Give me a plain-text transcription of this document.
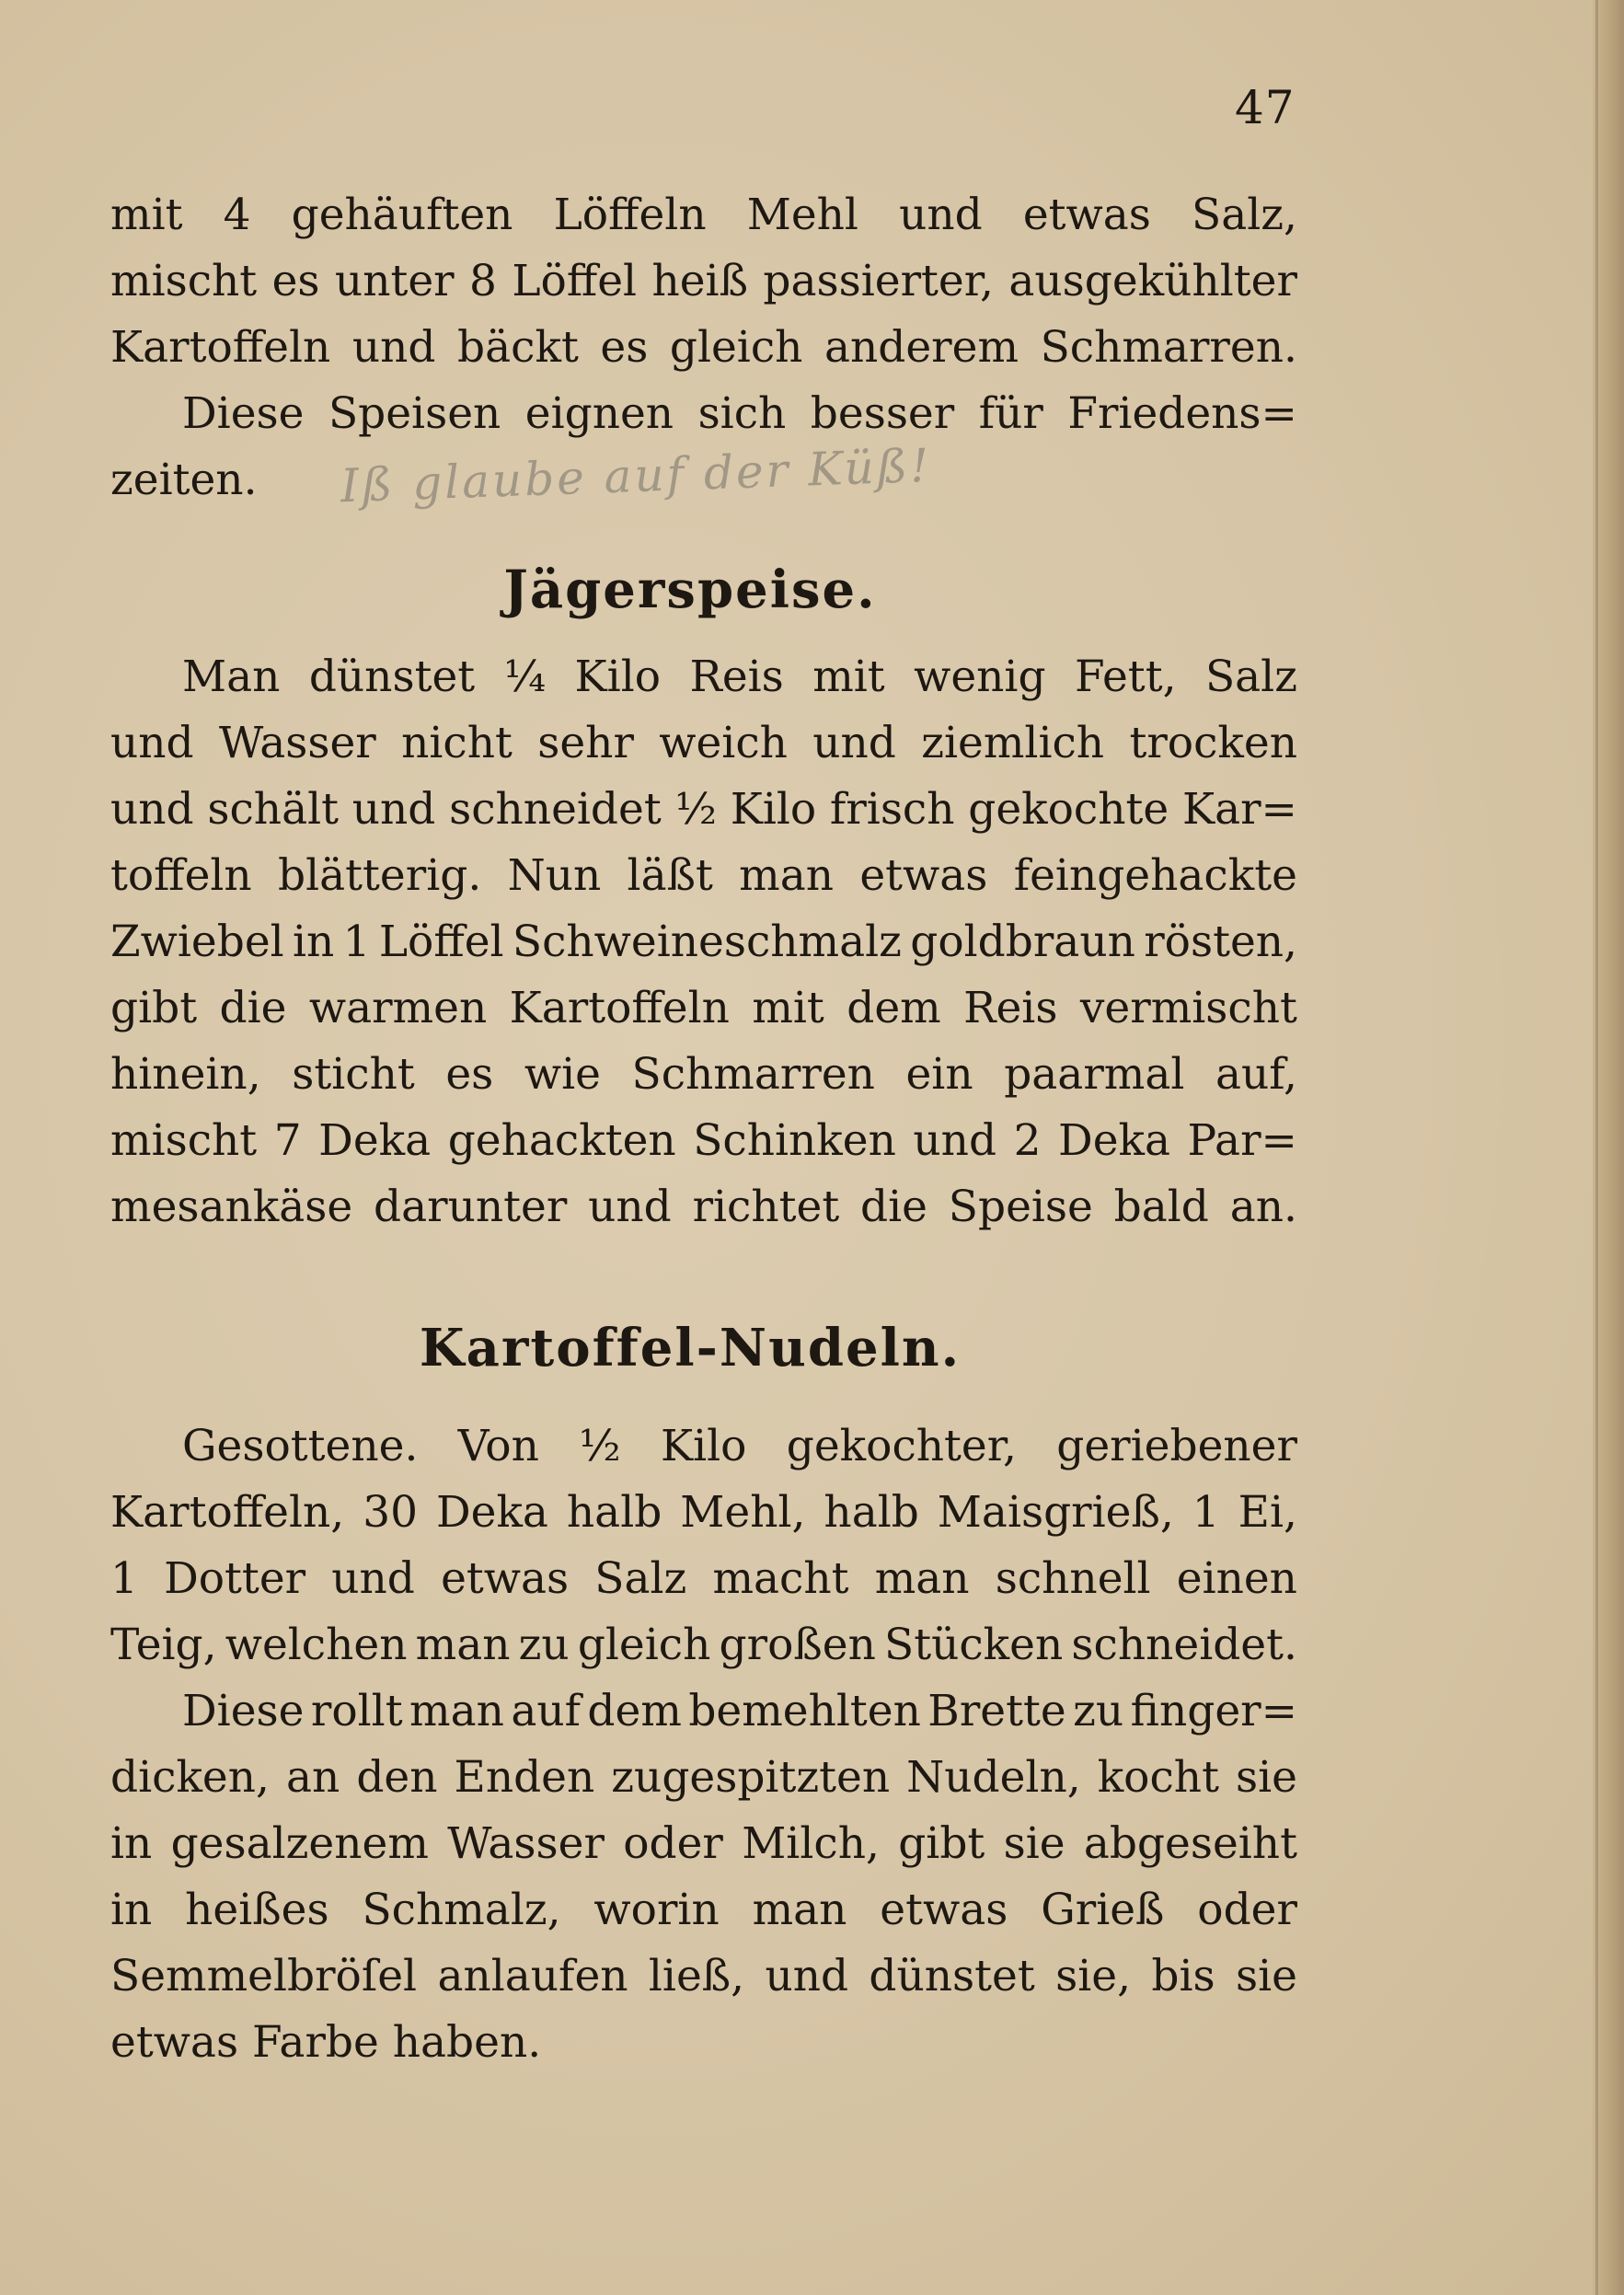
47
mit 4 gehäuften Löffeln Mehl und etwas Salz,
mischt es unter 8 Löffel heiß passierter, ausgekühlter
Kartoffeln und bäckt es gleich anderem Schmarren.
Diese Speisen eignen sich besser für Friedens=
zeiten.	Iß glaube auf der Küß!
Jägerspeise.
Man dünstet ¼ Kilo Reis mit wenig Fett, Salz
und Wasser nicht sehr weich und ziemlich trocken
und schält und schneidet ½ Kilo frisch gekochte Kar=
toffeln blätterig. Nun läßt man etwas feingehackte
Zwiebel in 1 Löffel Schweineschmalz goldbraun rösten,
gibt die warmen Kartoffeln mit dem Reis vermischt
hinein, sticht es wie Schmarren ein paarmal auf,
mischt 7 Deka gehackten Schinken und 2 Deka Par=
mesankäse darunter und richtet die Speise bald an.
Kartoffel-Nudeln.
Gesottene. Von ½ Kilo gekochter, geriebener
Kartoffeln, 30 Deka halb Mehl, halb Maisgrieß, 1 Ei,
1 Dotter und etwas Salz macht man schnell einen
Teig, welchen man zu gleich großen Stücken schneidet.
Diese rollt man auf dem bemehlten Brette zu finger=
dicken, an den Enden zugespitzten Nudeln, kocht sie
in gesalzenem Wasser oder Milch, gibt sie abgeseiht
in heißes Schmalz, worin man etwas Grieß oder
Semmelbröſel anlaufen ließ, und dünstet sie, bis sie
etwas Farbe haben.
